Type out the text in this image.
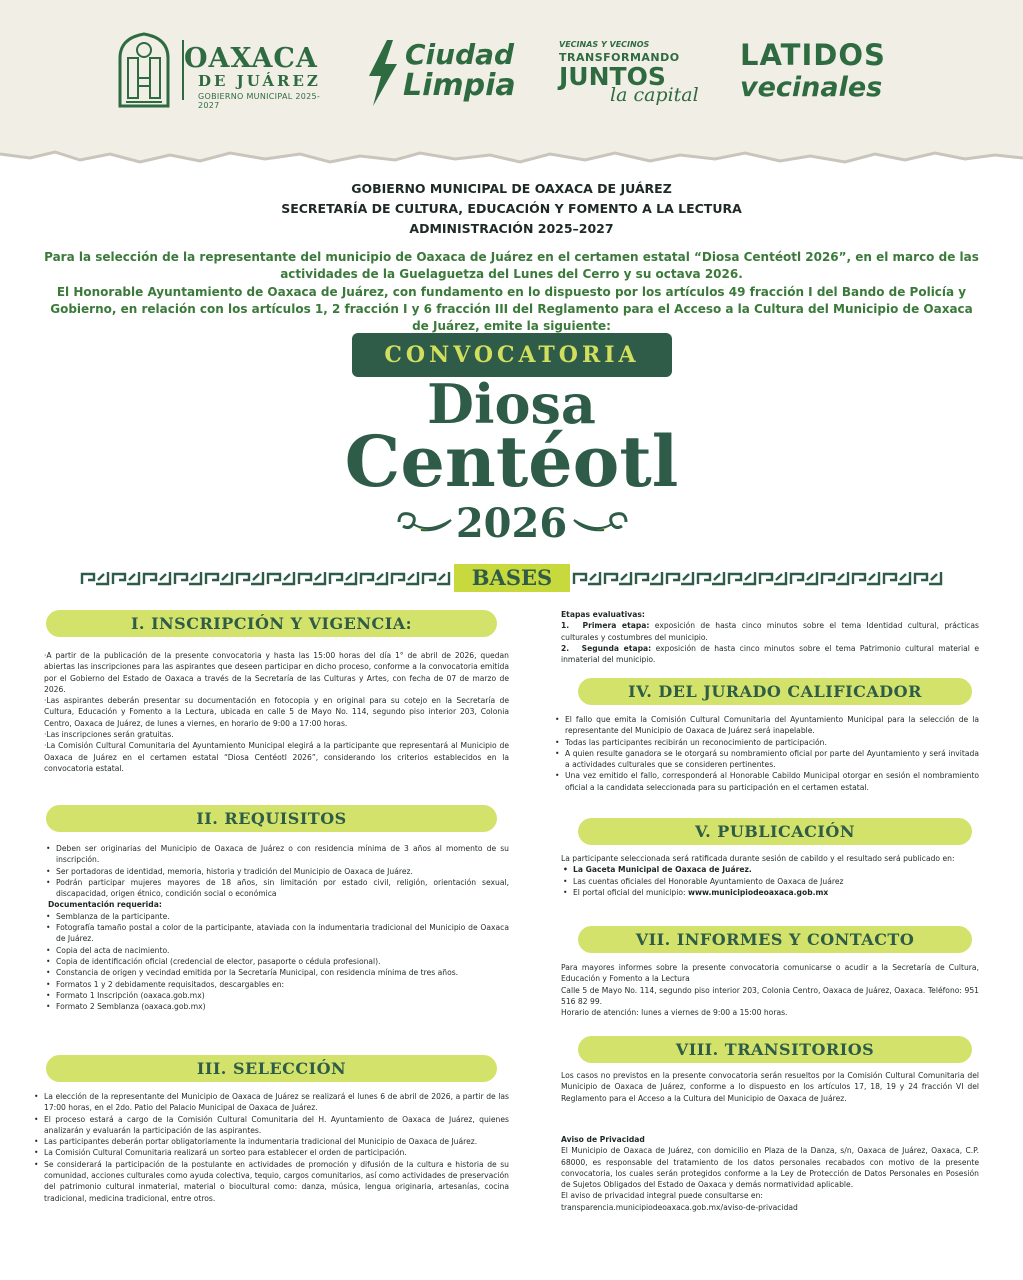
OAXACA
DE JUÁREZ
GOBIERNO MUNICIPAL 2025-2027
Ciudad
Limpia
VECINAS Y VECINOS
TRANSFORMANDO
JUNTOS
la capital
LATIDOS
vecinales
GOBIERNO MUNICIPAL DE OAXACA DE JUÁREZ
SECRETARÍA DE CULTURA, EDUCACIÓN Y FOMENTO A LA LECTURA
ADMINISTRACIÓN 2025–2027
Para la selección de la representante del municipio de Oaxaca de Juárez en el certamen estatal “Diosa Centéotl 2026”, en el marco de las actividades de la Guelaguetza del Lunes del Cerro y su octava 2026.
El Honorable Ayuntamiento de Oaxaca de Juárez, con fundamento en lo dispuesto por los artículos 49 fracción I del Bando de Policía y Gobierno, en relación con los artículos 1, 2 fracción I y 6 fracción III del Reglamento para el Acceso a la Cultura del Municipio de Oaxaca de Juárez, emite la siguiente:
CONVOCATORIA
Diosa
Centéotl
2026
BASES
I. INSCRIPCIÓN Y VIGENCIA:

·A partir de la publicación de la presente convocatoria y hasta las 15:00 horas del día 1° de abril de 2026, quedan abiertas las inscripciones para las aspirantes que deseen participar en dicho proceso, conforme a la convocatoria emitida por el Gobierno del Estado de Oaxaca a través de la Secretaría de las Culturas y Artes, con fecha de 07 de marzo de 2026.

·Las aspirantes deberán presentar su documentación en fotocopia y en original para su cotejo en la Secretaría de Cultura, Educación y Fomento a la Lectura, ubicada en calle 5 de Mayo No. 114, segundo piso interior 203, Colonia Centro, Oaxaca de Juárez, de lunes a viernes, en horario de 9:00 a 17:00 horas.

·Las inscripciones serán gratuitas.

·La Comisión Cultural Comunitaria del Ayuntamiento Municipal elegirá a la participante que representará al Municipio de Oaxaca de Juárez en el certamen estatal “Diosa Centéotl 2026”, considerando los criterios establecidos en la convocatoria estatal.

II. REQUISITOS

• Deben ser originarias del Municipio de Oaxaca de Juárez o con residencia mínima de 3 años al momento de su inscripción.

• Ser portadoras de identidad, memoria, historia y tradición del Municipio de Oaxaca de Juárez.

• Podrán participar mujeres mayores de 18 años, sin limitación por estado civil, religión, orientación sexual, discapacidad, origen étnico, condición social o económica

Documentación requerida:

• Semblanza de la participante.

• Fotografía tamaño postal a color de la participante, ataviada con la indumentaria tradicional del Municipio de Oaxaca de Juárez.

• Copia del acta de nacimiento.

• Copia de identificación oficial (credencial de elector, pasaporte o cédula profesional).

• Constancia de origen y vecindad emitida por la Secretaría Municipal, con residencia mínima de tres años.

• Formatos 1 y 2 debidamente requisitados, descargables en:

• Formato 1 Inscripción (oaxaca.gob.mx)

• Formato 2 Semblanza (oaxaca.gob.mx)

III. SELECCIÓN

• La elección de la representante del Municipio de Oaxaca de Juárez se realizará el lunes 6 de abril de 2026, a partir de las 17:00 horas, en el 2do. Patio del Palacio Municipal de Oaxaca de Juárez.

• El proceso estará a cargo de la Comisión Cultural Comunitaria del H. Ayuntamiento de Oaxaca de Juárez, quienes analizarán y evaluarán la participación de las aspirantes.

• Las participantes deberán portar obligatoriamente la indumentaria tradicional del Municipio de Oaxaca de Juárez.

• La Comisión Cultural Comunitaria realizará un sorteo para establecer el orden de participación.

• Se considerará la participación de la postulante en actividades de promoción y difusión de la cultura e historia de su comunidad, acciones culturales como ayuda colectiva, tequio, cargos comunitarios, así como actividades de preservación del patrimonio cultural inmaterial, material o biocultural como: danza, música, lengua originaria, artesanías, cocina tradicional, medicina tradicional, entre otros.

Etapas evaluativas:

1. Primera etapa: exposición de hasta cinco minutos sobre el tema Identidad cultural, prácticas culturales y costumbres del municipio.

2. Segunda etapa: exposición de hasta cinco minutos sobre el tema Patrimonio cultural material e inmaterial del municipio.

IV. DEL JURADO CALIFICADOR

• El fallo que emita la Comisión Cultural Comunitaria del Ayuntamiento Municipal para la selección de la representante del Municipio de Oaxaca de Juárez será inapelable.

• Todas las participantes recibirán un reconocimiento de participación.

• A quien resulte ganadora se le otorgará su nombramiento oficial por parte del Ayuntamiento y será invitada a actividades culturales que se consideren pertinentes.

• Una vez emitido el fallo, corresponderá al Honorable Cabildo Municipal otorgar en sesión el nombramiento oficial a la candidata seleccionada para su participación en el certamen estatal.

V. PUBLICACIÓN

La participante seleccionada será ratificada durante sesión de cabildo y el resultado será publicado en:

• La Gaceta Municipal de Oaxaca de Juárez.

• Las cuentas oficiales del Honorable Ayuntamiento de Oaxaca de Juárez

• El portal oficial del municipio: www.municipiodeoaxaca.gob.mx

VII. INFORMES Y CONTACTO

Para mayores informes sobre la presente convocatoria comunicarse o acudir a la Secretaría de Cultura, Educación y Fomento a la Lectura

Calle 5 de Mayo No. 114, segundo piso interior 203, Colonia Centro, Oaxaca de Juárez, Oaxaca. Teléfono: 951 516 82 99.

Horario de atención: lunes a viernes de 9:00 a 15:00 horas.

VIII. TRANSITORIOS

Los casos no previstos en la presente convocatoria serán resueltos por la Comisión Cultural Comunitaria del Municipio de Oaxaca de Juárez, conforme a lo dispuesto en los artículos 17, 18, 19 y 24 fracción VI del Reglamento para el Acceso a la Cultura del Municipio de Oaxaca de Juárez.

Aviso de Privacidad

El Municipio de Oaxaca de Juárez, con domicilio en Plaza de la Danza, s/n, Oaxaca de Juárez, Oaxaca, C.P. 68000, es responsable del tratamiento de los datos personales recabados con motivo de la presente convocatoria, los cuales serán protegidos conforme a la Ley de Protección de Datos Personales en Posesión de Sujetos Obligados del Estado de Oaxaca y demás normatividad aplicable.

El aviso de privacidad integral puede consultarse en:

transparencia.municipiodeoaxaca.gob.mx/aviso-de-privacidad
